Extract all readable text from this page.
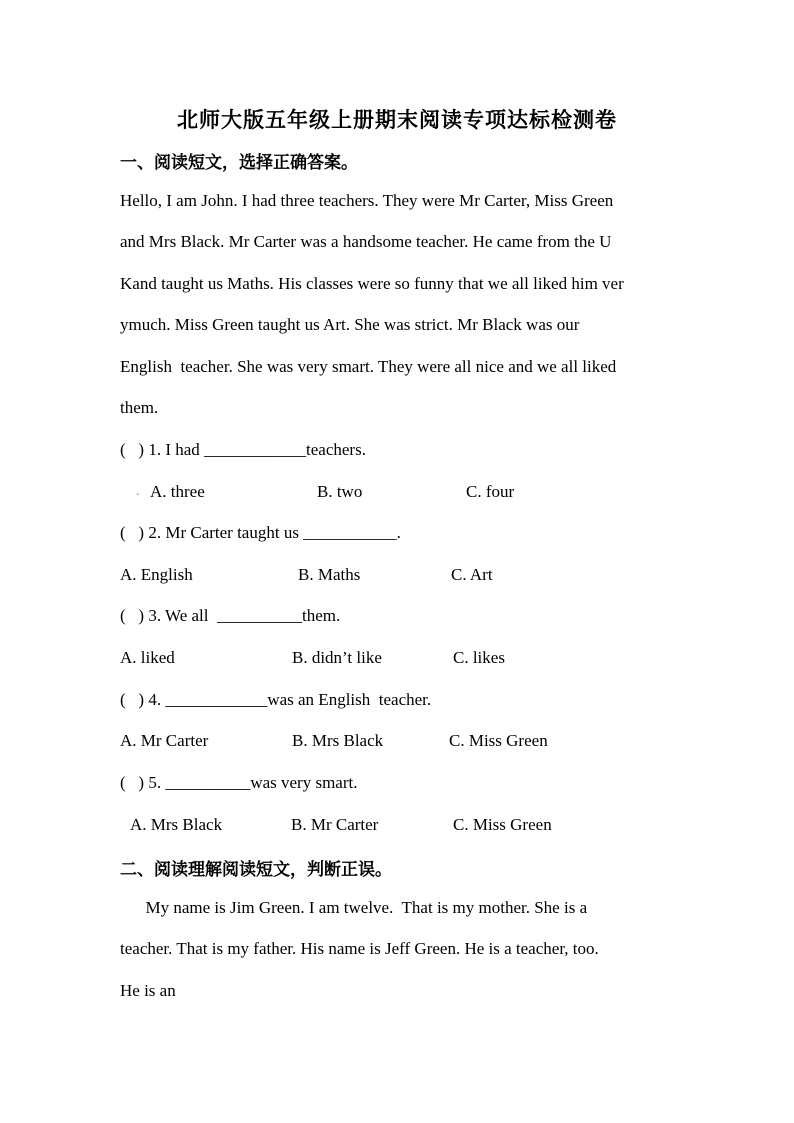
北师大版五年级上册期末阅读专项达标检测卷
一、阅读短文，选择正确答案。
Hello, I am John. I had three teachers. They were Mr Carter, Miss Green
and Mrs Black. Mr Carter was a handsome teacher. He came from the U
Kand taught us Maths. His classes were so funny that we all liked him ver
ymuch. Miss Green taught us Art. She was strict. Mr Black was our
English  teacher. She was very smart. They were all nice and we all liked
them.
(   ) 1. I had ____________teachers.
. A. three	B. two	C. four
(   ) 2. Mr Carter taught us ___________.
A. English	B. Maths	C. Art
(   ) 3. We all  __________them.
A. liked	B. didn’t like	C. likes
(   ) 4. ____________was an English  teacher.
A. Mr Carter	B. Mrs Black	C. Miss Green
(   ) 5. __________was very smart.
A. Mrs Black	B. Mr Carter	C. Miss Green
二、阅读理解阅读短文，判断正误。
My name is Jim Green. I am twelve.  That is my mother. She is a
teacher. That is my father. His name is Jeff Green. He is a teacher, too.
He is an
